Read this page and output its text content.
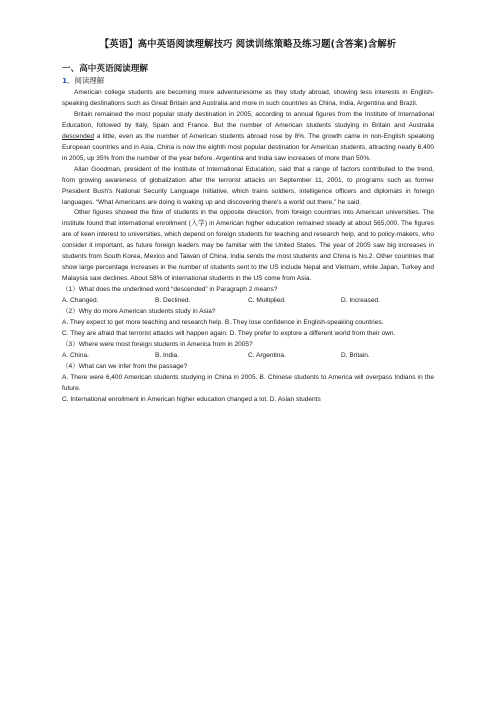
【英语】高中英语阅读理解技巧 阅读训练策略及练习题(含答案)含解析
一、高中英语阅读理解
1．阅读理解

American college students are becoming more adventuresome as they study abroad, showing less interests in English-speaking destinations such as Great Britain and Australia and more in such countries as China, India, Argentina and Brazil.

Britain remained the most popular study destination in 2005, according to annual figures from the Institute of International Education, followed by Italy, Spain and France. But the number of American students studying in Britain and Australia descended a little, even as the number of American students abroad rose by 8%. The growth came in non-English speaking European countries and in Asia. China is now the eighth most popular destination for American students, attracting nearly 6,400 in 2005, up 35% from the number of the year before. Argentina and India saw increases of more than 50%.

Allan Goodman, president of the Institute of International Education, said that a range of factors contributed to the trend, from growing awareness of globalization after the terrorist attacks on September 11, 2001, to programs such as former President Bush's National Security Language Initiative, which trains soldiers, intelligence officers and diplomats in foreign languages. “What Americans are doing is waking up and discovering there's a world out there,” he said.

Other figures showed the flow of students in the opposite direction, from foreign countries into American universities. The institute found that international enrollment (入学) in American higher education remained steady at about 565,000. The figures are of keen interest to universities, which depend on foreign students for teaching and research help, and to policy-makers, who consider it important, as future foreign leaders may be familiar with the United States. The year of 2005 saw big increases in students from South Korea, Mexico and Taiwan of China. India sends the most students and China is No.2. Other countries that show large percentage increases in the number of students sent to the US include Nepal and Vietnam, while Japan, Turkey and Malaysia saw declines. About 58% of international students in the US come from Asia.

（1）What does the underlined word “descended” in Paragraph 2 means?
A. Changed.	B. Declined.	C. Multiplied.	D. Increased.
（2）Why do more American students study in Asia?

A. They expect to get more teaching and research help. B. They lose confidence in English-speaking countries.

C. They are afraid that terrorist attacks will happen again. D. They prefer to explore a different world from their own.

（3）Where were most foreign students in America from in 2005?
A. China.	B. India.	C. Argentina.	D. Britain.
（4）What can we infer from the passage?

A. There were 6,400 American students studying in China in 2005. B. Chinese students to America will overpass Indians in the future.

C. International enrollment in American higher education changed a lot. D. Asian students
